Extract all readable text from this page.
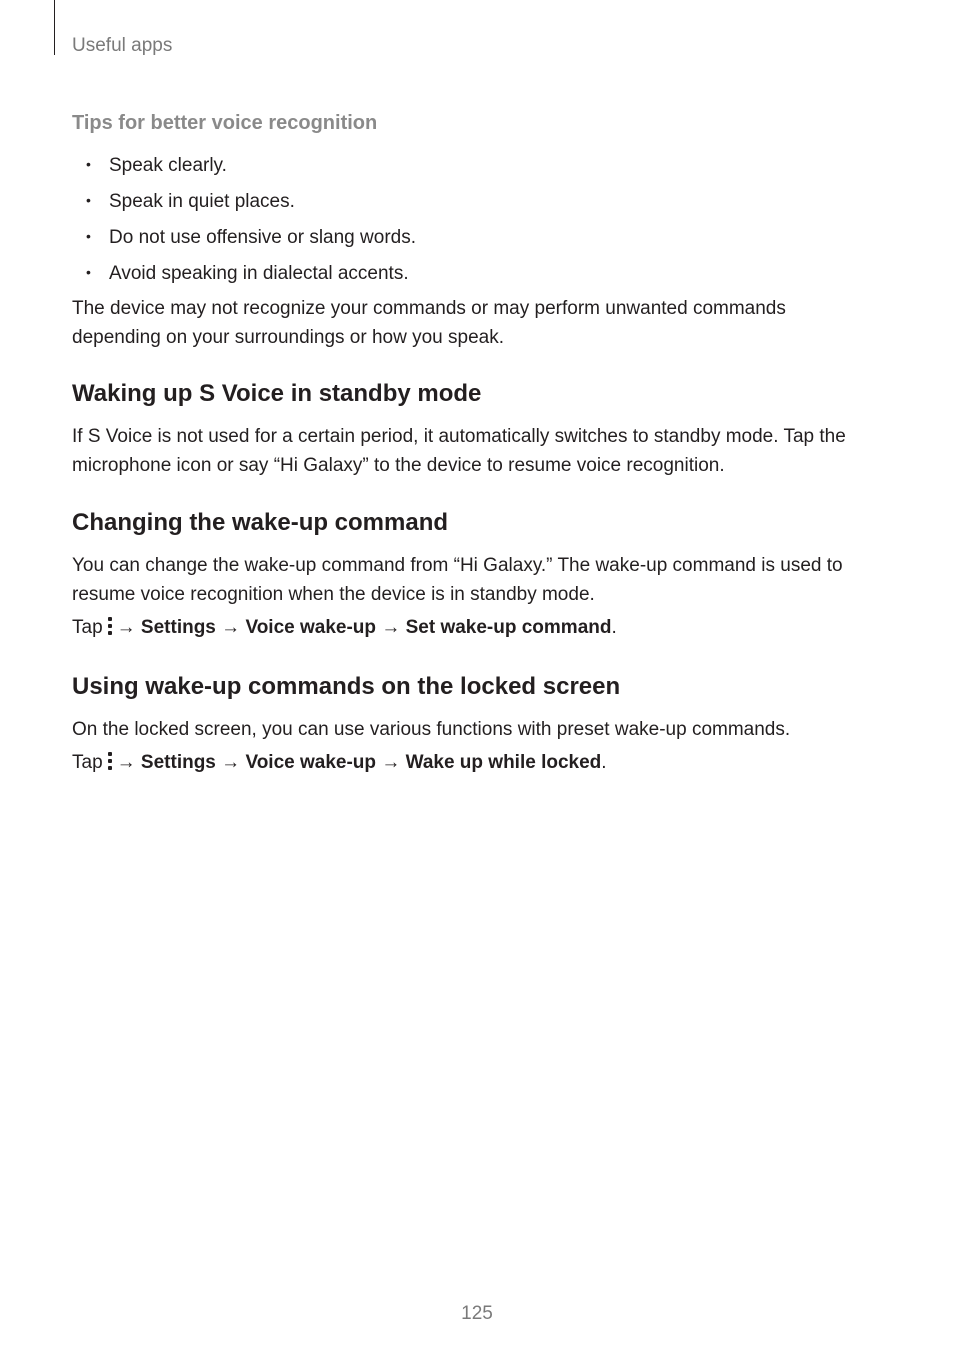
Useful apps
Tips for better voice recognition
• Speak clearly.
• Speak in quiet places.
• Do not use offensive or slang words.
• Avoid speaking in dialectal accents.
The device may not recognize your commands or may perform unwanted commands
depending on your surroundings or how you speak.
Waking up S Voice in standby mode
If S Voice is not used for a certain period, it automatically switches to standby mode. Tap the
microphone icon or say “Hi Galaxy” to the device to resume voice recognition.
Changing the wake-up command
You can change the wake-up command from “Hi Galaxy.” The wake-up command is used to
resume voice recognition when the device is in standby mode.
Tap → Settings → Voice wake-up → Set wake-up command.
Using wake-up commands on the locked screen
On the locked screen, you can use various functions with preset wake-up commands.
Tap → Settings → Voice wake-up → Wake up while locked.
125
